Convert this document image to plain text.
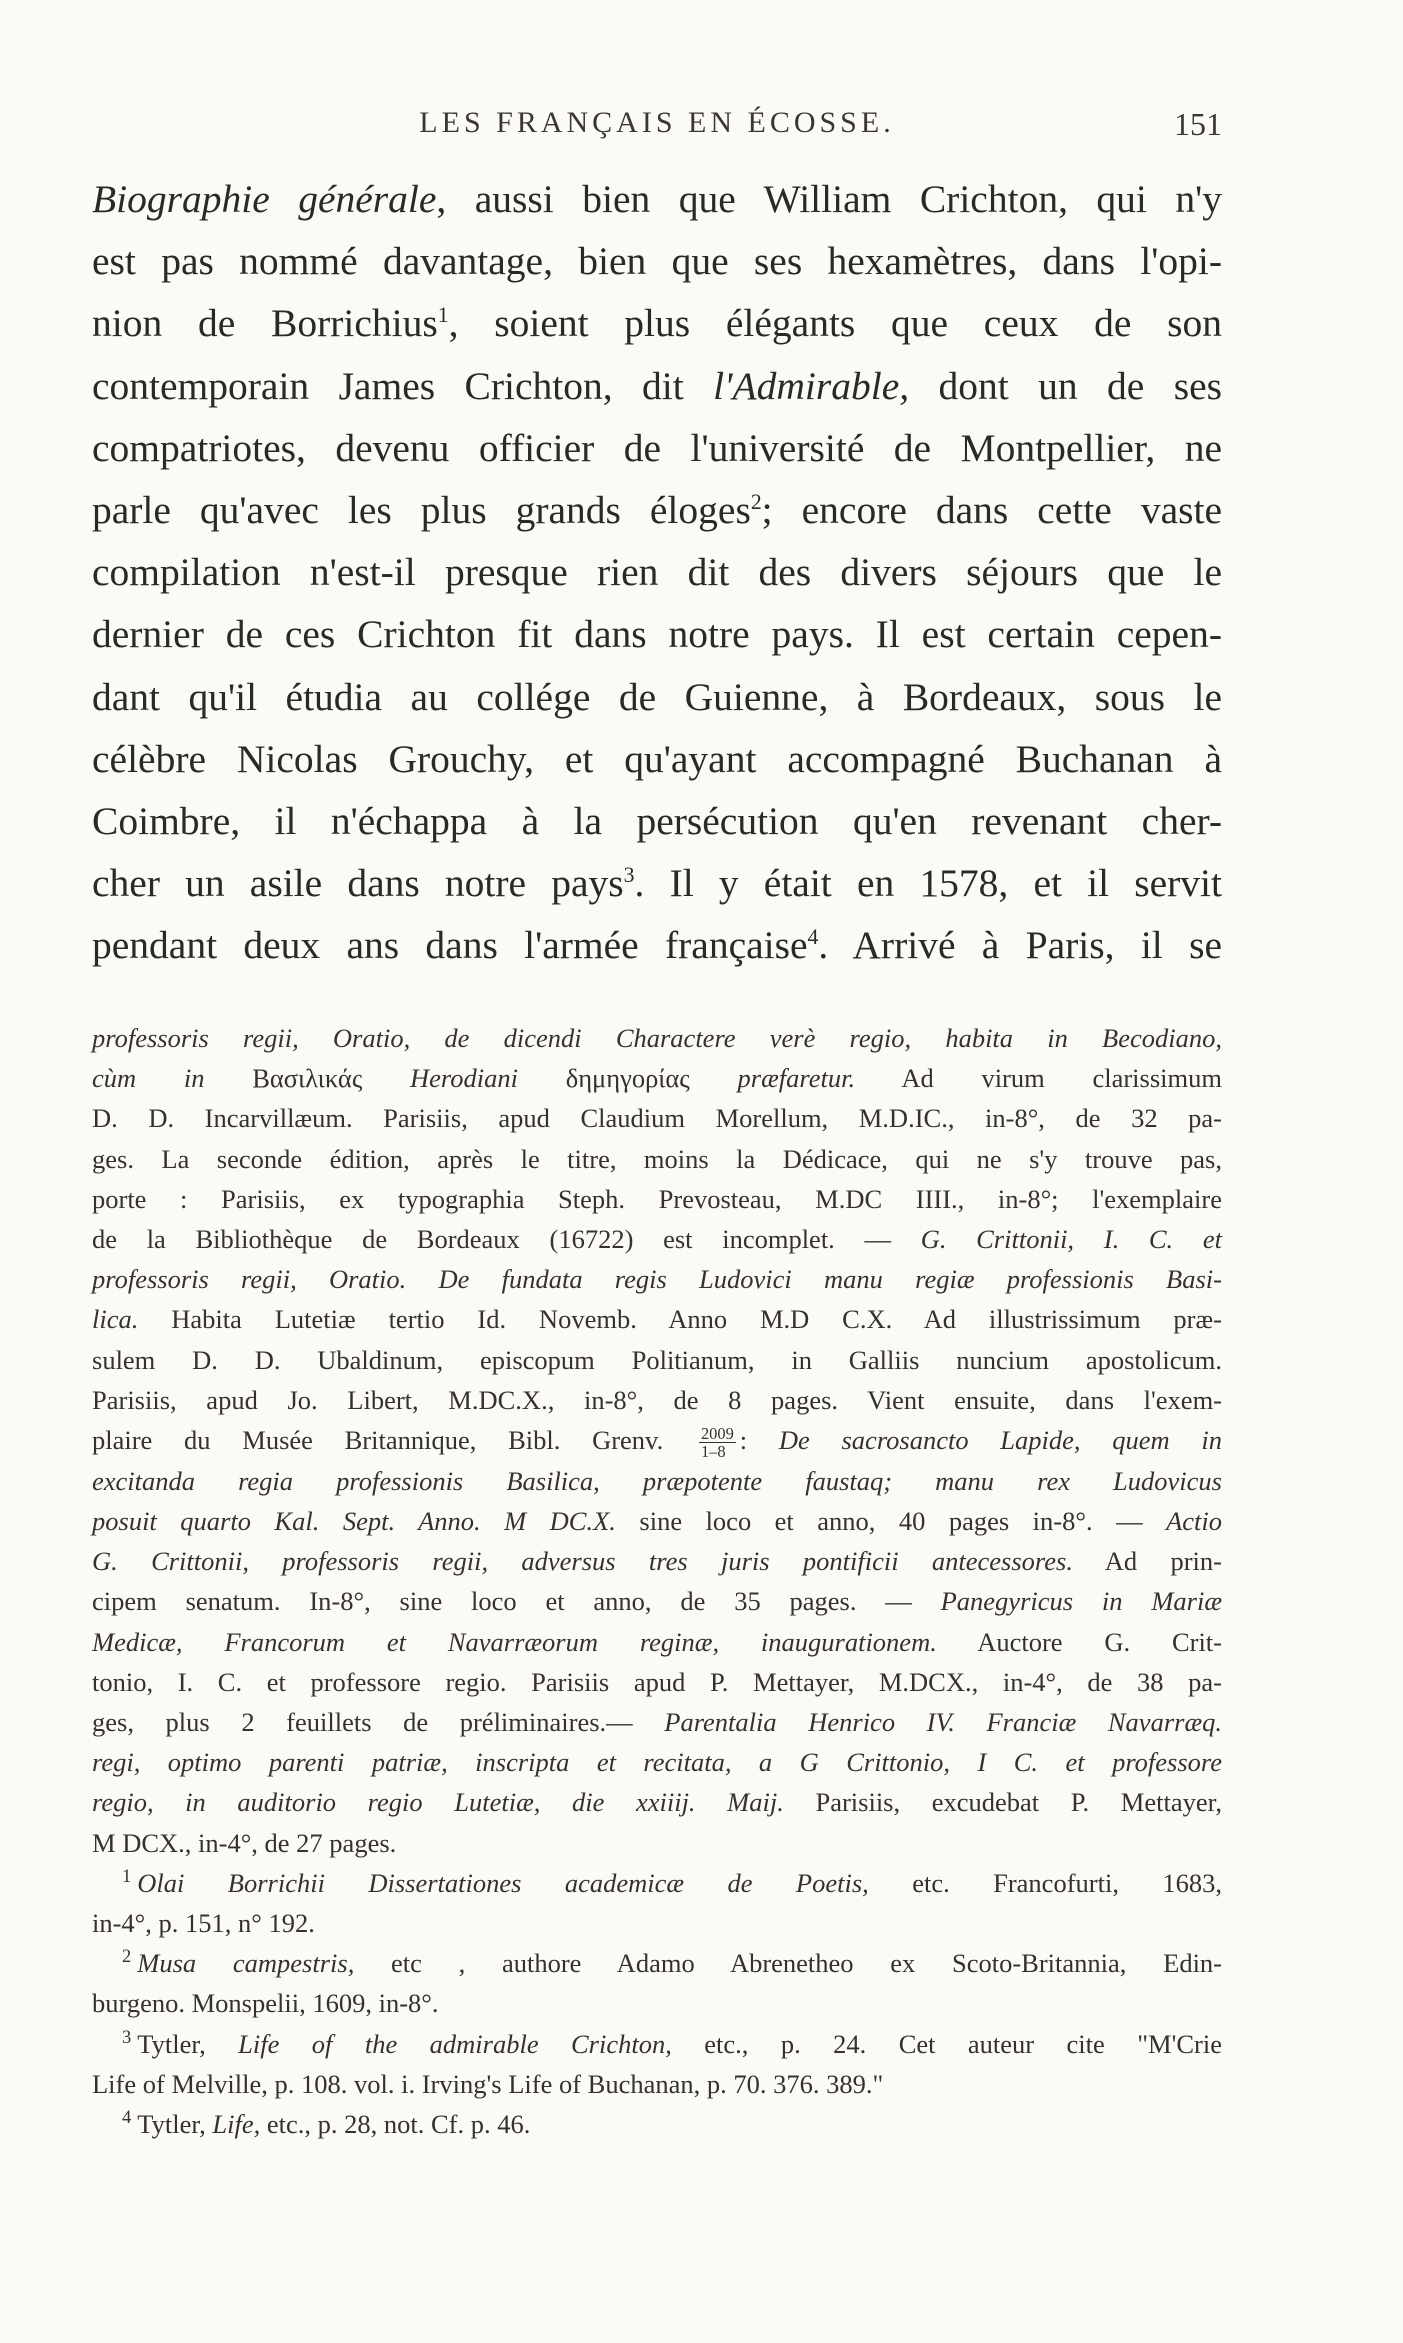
LES FRANÇAIS EN ÉCOSSE.	151
Biographie générale, aussi bien que William Crichton, qui n'y
est pas nommé davantage, bien que ses hexamètres, dans l'opi-
nion de Borrichius$^1$, soient plus élégants que ceux de son
contemporain James Crichton, dit l'Admirable, dont un de ses
compatriotes, devenu officier de l'université de Montpellier, ne
parle qu'avec les plus grands éloges$^2$; encore dans cette vaste
compilation n'est-il presque rien dit des divers séjours que le
dernier de ces Crichton fit dans notre pays. Il est certain cepen-
dant qu'il étudia au collége de Guienne, à Bordeaux, sous le
célèbre Nicolas Grouchy, et qu'ayant accompagné Buchanan à
Coimbre, il n'échappa à la persécution qu'en revenant cher-
cher un asile dans notre pays$^3$. Il y était en 1578, et il servit
pendant deux ans dans l'armée française$^4$. Arrivé à Paris, il se
professoris regii, Oratio, de dicendi Charactere verè regio, habita in Becodiano,
cùm in Βασιλικάς Herodiani δημηγορίας præfaretur. Ad virum clarissimum
D. D. Incarvillæum. Parisiis, apud Claudium Morellum, M.D.IC., in-8°, de 32 pa-
ges. La seconde édition, après le titre, moins la Dédicace, qui ne s'y trouve pas,
porte : Parisiis, ex typographia Steph. Prevosteau, M.DC IIII., in-8°; l'exemplaire
de la Bibliothèque de Bordeaux (16722) est incomplet. — G. Crittonii, I. C. et
professoris regii, Oratio. De fundata regis Ludovici manu regiæ professionis Basi-
lica. Habita Lutetiæ tertio Id. Novemb. Anno M.D C.X. Ad illustrissimum præ-
sulem D. D. Ubaldinum, episcopum Politianum, in Galliis nuncium apostolicum.
Parisiis, apud Jo. Libert, M.DC.X., in-8°, de 8 pages. Vient ensuite, dans l'exem-
plaire du Musée Britannique, Bibl. Grenv. $\frac{2009}{1-8}$ : De sacrosancto Lapide, quem in
excitanda regia professionis Basilica, præpotente faustaq; manu rex Ludovicus
posuit quarto Kal. Sept. Anno. M DC.X. sine loco et anno, 40 pages in-8°. — Actio
G. Crittonii, professoris regii, adversus tres juris pontificii antecessores. Ad prin-
cipem senatum. In-8°, sine loco et anno, de 35 pages. — Panegyricus in Mariæ
Medicæ, Francorum et Navarræorum reginæ, inaugurationem. Auctore G. Crit-
tonio, I. C. et professore regio. Parisiis apud P. Mettayer, M.DCX., in-4°, de 38 pa-
ges, plus 2 feuillets de préliminaires.— Parentalia Henrico IV. Franciæ Navarræq.
regi, optimo parenti patriæ, inscripta et recitata, a G Crittonio, I C. et professore
regio, in auditorio regio Lutetiæ, die xxiiij. Maij. Parisiis, excudebat P. Mettayer,
M DCX., in-4°, de 27 pages.
$^1$ Olai Borrichii Dissertationes academicæ de Poetis, etc. Francofurti, 1683,
in-4°, p. 151, n° 192.
$^2$ Musa campestris, etc , authore Adamo Abrenetheo ex Scoto-Britannia, Edin-
burgeno. Monspelii, 1609, in-8°.
$^3$ Tytler, Life of the admirable Crichton, etc., p. 24. Cet auteur cite "M'Crie
Life of Melville, p. 108. vol. i. Irving's Life of Buchanan, p. 70. 376. 389."
$^4$ Tytler, Life, etc., p. 28, not. Cf. p. 46.
